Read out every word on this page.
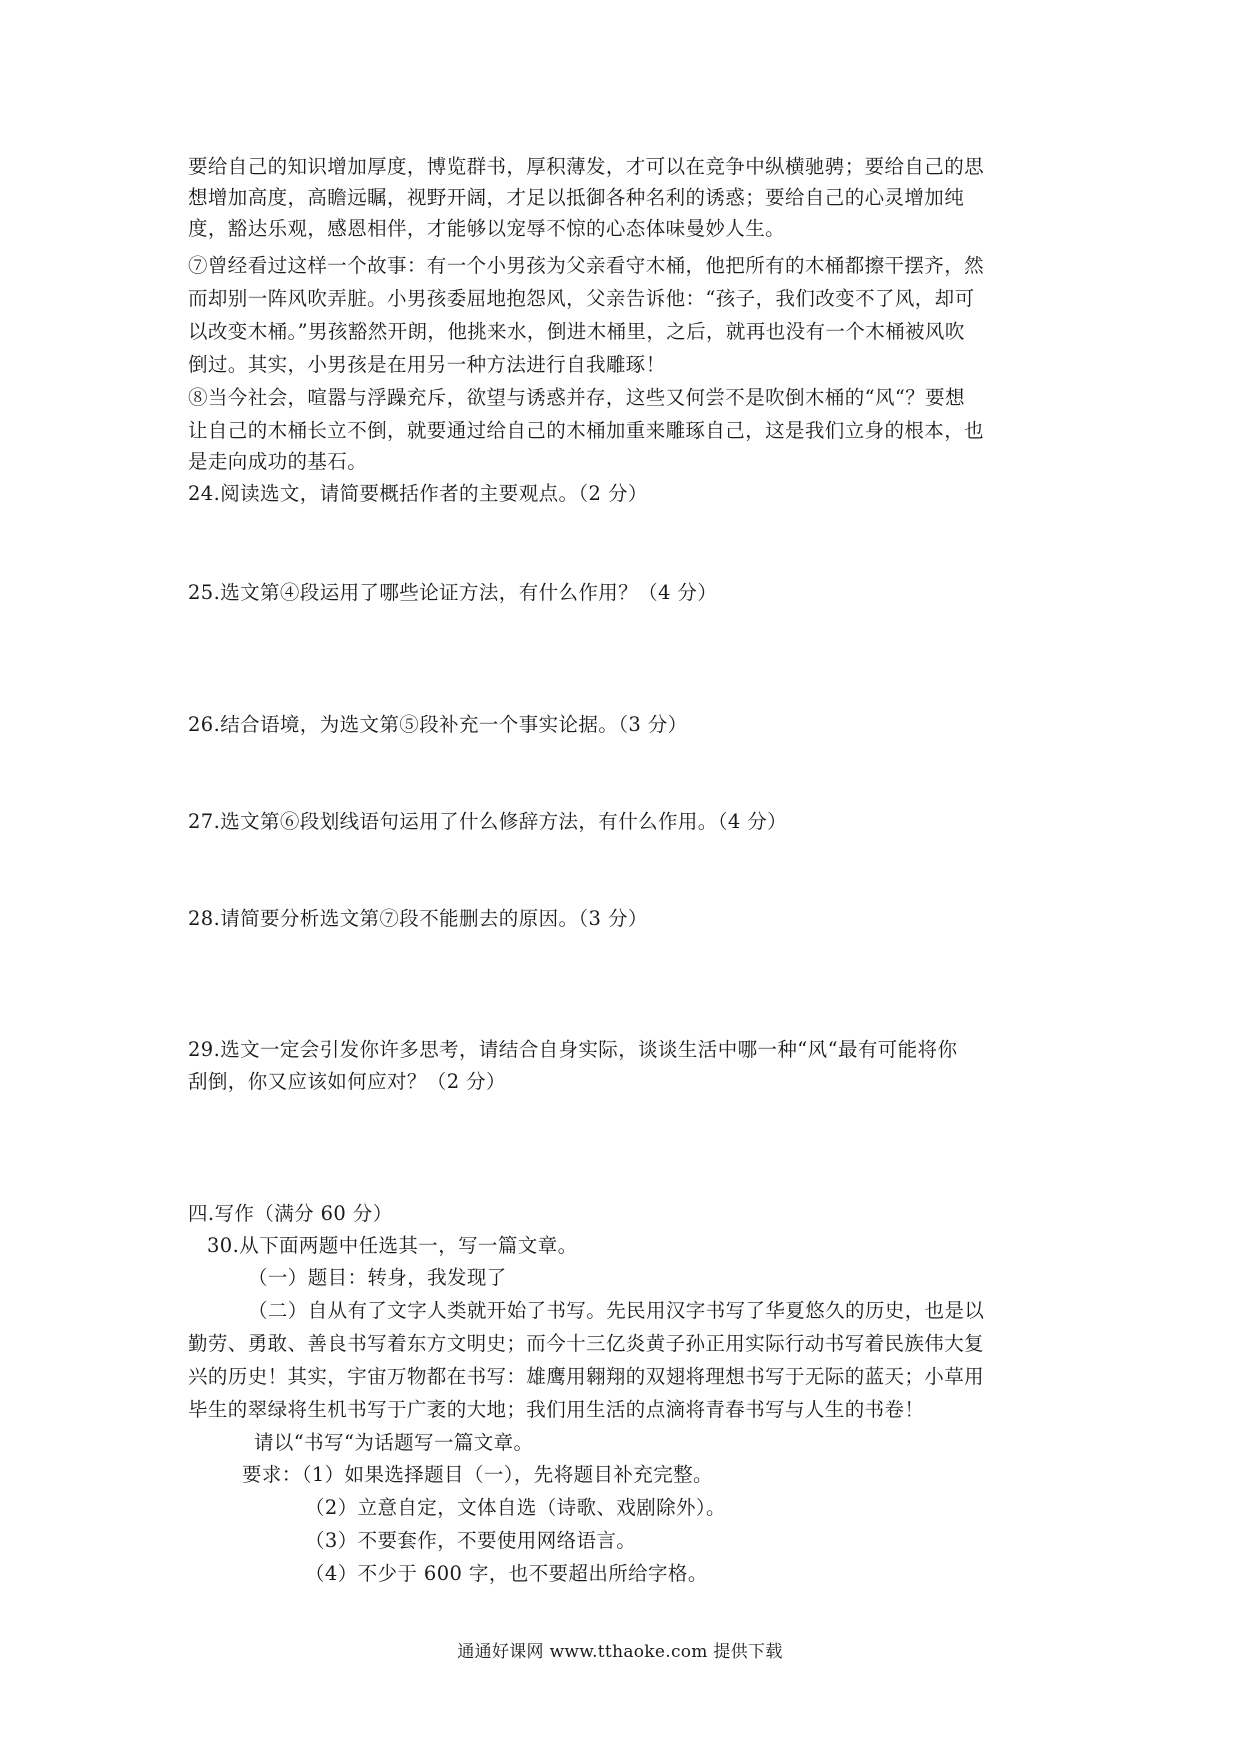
要给自己的知识增加厚度，博览群书，厚积薄发，才可以在竞争中纵横驰骋；要给自己的思
想增加高度，高瞻远瞩，视野开阔，才足以抵御各种名利的诱惑；要给自己的心灵增加纯
度，豁达乐观，感恩相伴，才能够以宠辱不惊的心态体味曼妙人生。
⑦曾经看过这样一个故事：有一个小男孩为父亲看守木桶，他把所有的木桶都擦干摆齐，然
而却别一阵风吹弄脏。小男孩委屈地抱怨风，父亲告诉他：“孩子，我们改变不了风，却可
以改变木桶。”男孩豁然开朗，他挑来水，倒进木桶里，之后，就再也没有一个木桶被风吹
倒过。其实，小男孩是在用另一种方法进行自我雕琢！
⑧当今社会，喧嚣与浮躁充斥，欲望与诱惑并存，这些又何尝不是吹倒木桶的“风“？要想
让自己的木桶长立不倒，就要通过给自己的木桶加重来雕琢自己，这是我们立身的根本，也
是走向成功的基石。
24.阅读选文，请简要概括作者的主要观点。（2 分）
25.选文第④段运用了哪些论证方法，有什么作用？（4 分）
26.结合语境，为选文第⑤段补充一个事实论据。（3 分）
27.选文第⑥段划线语句运用了什么修辞方法，有什么作用。（4 分）
28.请简要分析选文第⑦段不能删去的原因。（3 分）
29.选文一定会引发你许多思考，请结合自身实际，谈谈生活中哪一种“风“最有可能将你
刮倒，你又应该如何应对？（2 分）
四.写作（满分 60 分）
30.从下面两题中任选其一，写一篇文章。
（一）题目：转身，我发现了
（二）自从有了文字人类就开始了书写。先民用汉字书写了华夏悠久的历史，也是以
勤劳、勇敢、善良书写着东方文明史；而今十三亿炎黄子孙正用实际行动书写着民族伟大复
兴的历史！其实，宇宙万物都在书写：雄鹰用翱翔的双翅将理想书写于无际的蓝天；小草用
毕生的翠绿将生机书写于广袤的大地；我们用生活的点滴将青春书写与人生的书卷！
请以“书写“为话题写一篇文章。
要求：（1）如果选择题目（一），先将题目补充完整。
（2）立意自定，文体自选（诗歌、戏剧除外）。
（3）不要套作，不要使用网络语言。
（4）不少于 600 字，也不要超出所给字格。
通通好课网 www.tthaoke.com 提供下载
